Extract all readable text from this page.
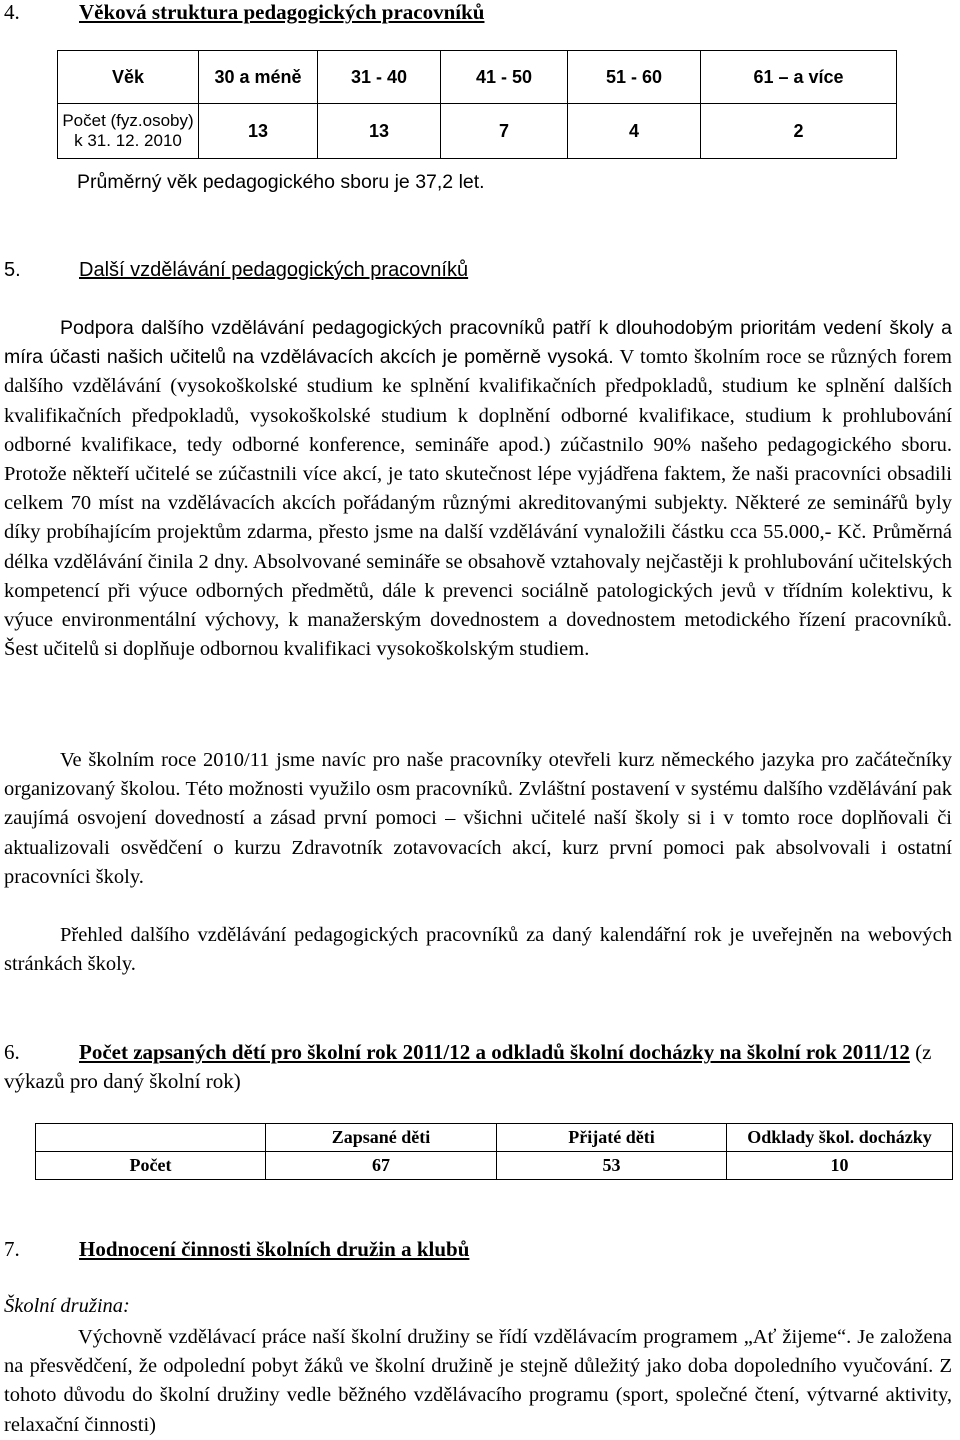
4.	Věková struktura pedagogických pracovníků
Věk	30 a méně	31 - 40	41 - 50	51 - 60	61 – a více

Počet (fyz.osoby)
k 31. 12. 2010	13	13	7	4	2
Průměrný věk pedagogického sboru je 37,2 let.
5.	Další vzdělávání pedagogických pracovníků
Podpora dalšího vzdělávání pedagogických pracovníků patří k dlouhodobým prioritám vedení školy a míra účasti našich učitelů na vzdělávacích akcích je poměrně vysoká. V tomto školním roce se různých forem dalšího vzdělávání (vysokoškolské studium ke splnění kvalifikačních předpokladů, studium ke splnění dalších kvalifikačních předpokladů, vysokoškolské studium k doplnění odborné kvalifikace, studium k prohlubování odborné kvalifikace, tedy odborné konference, semináře apod.) zúčastnilo 90% našeho pedagogického sboru. Protože někteří učitelé se zúčastnili více akcí, je tato skutečnost lépe vyjádřena faktem, že naši pracovníci obsadili celkem 70 míst na vzdělávacích akcích pořádaným různými akreditovanými subjekty. Některé ze seminářů byly díky probíhajícím projektům zdarma, přesto jsme na další vzdělávání vynaložili částku cca 55.000,- Kč. Průměrná délka vzdělávání činila 2 dny. Absolvované semináře se obsahově vztahovaly nejčastěji k prohlubování učitelských kompetencí při výuce odborných předmětů, dále k prevenci sociálně patologických jevů v třídním kolektivu, k výuce environmentální výchovy, k manažerským dovednostem a dovednostem metodického řízení pracovníků. Šest učitelů si doplňuje odbornou kvalifikaci vysokoškolským studiem.
Ve školním roce 2010/11 jsme navíc pro naše pracovníky otevřeli kurz německého jazyka pro začátečníky organizovaný školou. Této možnosti využilo osm pracovníků. Zvláštní postavení v systému dalšího vzdělávání pak zaujímá osvojení dovedností a zásad první pomoci – všichni učitelé naší školy si i v tomto roce doplňovali či aktualizovali osvědčení o kurzu Zdravotník zotavovacích akcí, kurz první pomoci pak absolvovali i ostatní pracovníci školy.
Přehled dalšího vzdělávání pedagogických pracovníků za daný kalendářní rok je uveřejněn na webových stránkách školy.
6.	Počet zapsaných dětí pro školní rok 2011/12 a odkladů školní docházky na školní rok 2011/12 (z výkazů pro daný školní rok)
	Zapsané děti	Přijaté děti	Odklady škol. docházky
Počet	67	53	10
7.	Hodnocení činnosti školních družin a klubů
Školní družina:
Výchovně vzdělávací práce naší školní družiny se řídí vzdělávacím programem „Ať žijeme“. Je založena na přesvědčení, že odpolední pobyt žáků ve školní družině je stejně důležitý jako doba dopoledního vyučování. Z tohoto důvodu do školní družiny vedle běžného vzdělávacího programu (sport, společné čtení, výtvarné aktivity, relaxační činnosti)
